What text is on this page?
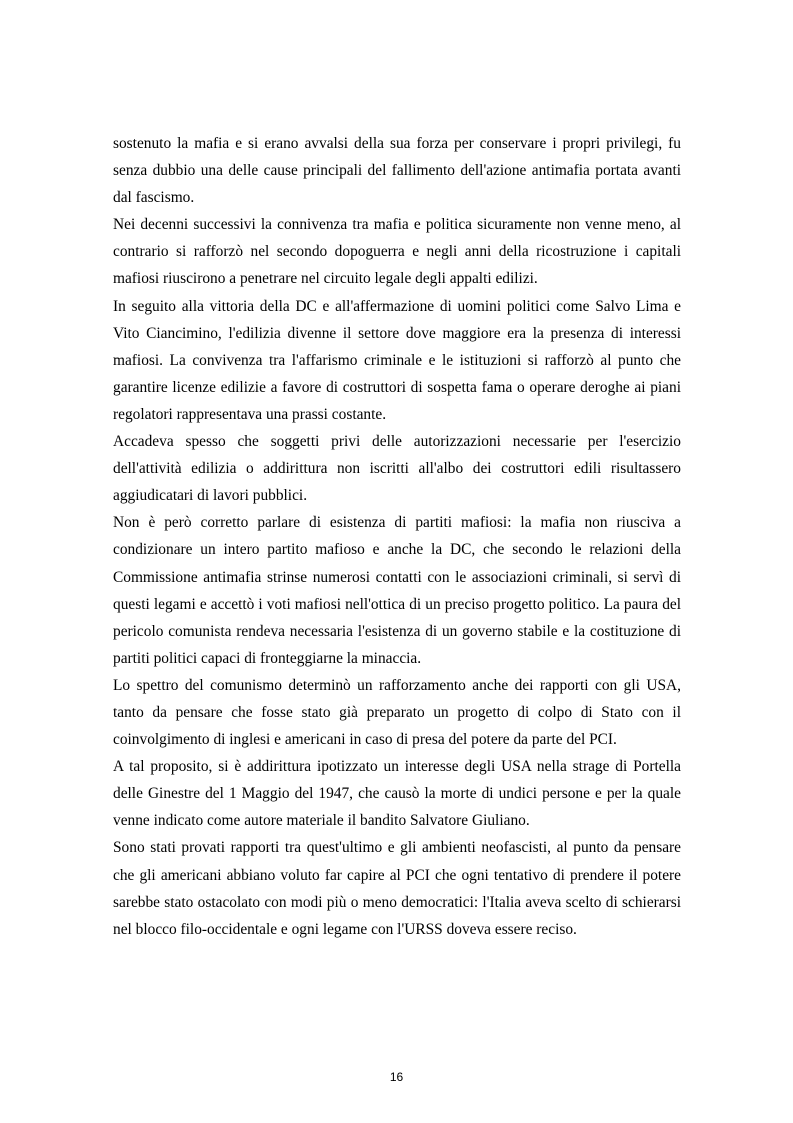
sostenuto la mafia e si erano avvalsi della sua forza per conservare i propri privilegi, fu senza dubbio una delle cause principali del fallimento dell'azione antimafia portata avanti dal fascismo.

Nei decenni successivi la connivenza tra mafia e politica sicuramente non venne meno, al contrario si rafforzò nel secondo dopoguerra e negli anni della ricostruzione i capitali mafiosi riuscirono a penetrare nel circuito legale degli appalti edilizi.

In seguito alla vittoria della DC e all'affermazione di uomini politici come Salvo Lima e Vito Ciancimino, l'edilizia divenne il settore dove maggiore era la presenza di interessi mafiosi. La convivenza tra l'affarismo criminale e le istituzioni si rafforzò al punto che garantire licenze edilizie a favore di costruttori di sospetta fama o operare deroghe ai piani regolatori rappresentava una prassi costante.

Accadeva spesso che soggetti privi delle autorizzazioni necessarie per l'esercizio dell'attività edilizia o addirittura non iscritti all'albo dei costruttori edili risultassero aggiudicatari di lavori pubblici.

Non è però corretto parlare di esistenza di partiti mafiosi: la mafia non riusciva a condizionare un intero partito mafioso e anche la DC, che secondo le relazioni della Commissione antimafia strinse numerosi contatti con le associazioni criminali, si servì di questi legami e accettò i voti mafiosi nell'ottica di un preciso progetto politico. La paura del pericolo comunista rendeva necessaria l'esistenza di un governo stabile e la costituzione di partiti politici capaci di fronteggiarne la minaccia.

Lo spettro del comunismo determinò un rafforzamento anche dei rapporti con gli USA, tanto da pensare che fosse stato già preparato un progetto di colpo di Stato con il coinvolgimento di inglesi e americani in caso di presa del potere da parte del PCI.

A tal proposito, si è addirittura ipotizzato un interesse degli USA nella strage di Portella delle Ginestre del 1 Maggio del 1947, che causò la morte di undici persone e per la quale venne indicato come autore materiale il bandito Salvatore Giuliano.

Sono stati provati rapporti tra quest'ultimo e gli ambienti neofascisti, al punto da pensare che gli americani abbiano voluto far capire al PCI che ogni tentativo di prendere il potere sarebbe stato ostacolato con modi più o meno democratici: l'Italia aveva scelto di schierarsi nel blocco filo-occidentale e ogni legame con l'URSS doveva essere reciso.

16
